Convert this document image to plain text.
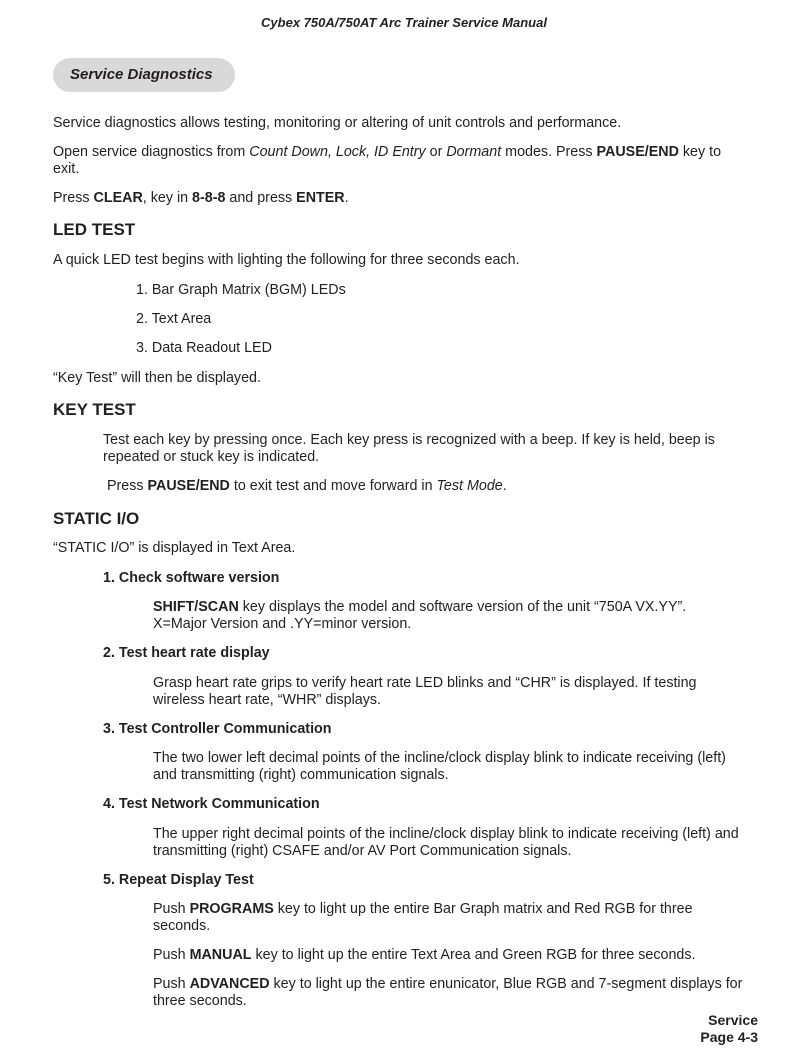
Cybex 750A/750AT Arc Trainer Service Manual
Service Diagnostics
Service diagnostics allows testing, monitoring or altering of unit controls and performance.
Open service diagnostics from Count Down, Lock, ID Entry or Dormant modes. Press PAUSE/END key to
exit.
Press CLEAR, key in 8-8-8 and press ENTER.
LED TEST
A quick LED test begins with lighting the following for three seconds each.
1. Bar Graph Matrix (BGM) LEDs
2. Text Area
3. Data Readout LED
“Key Test” will then be displayed.
KEY TEST
Test each key by pressing once. Each key press is recognized with a beep. If key is held, beep is
repeated or stuck key is indicated.
Press PAUSE/END to exit test and move forward in Test Mode.
STATIC I/O
“STATIC I/O” is displayed in Text Area.
1. Check software version
SHIFT/SCAN key displays the model and software version of the unit “750A VX.YY”.
X=Major Version and .YY=minor version.
2. Test heart rate display
Grasp heart rate grips to verify heart rate LED blinks and “CHR” is displayed. If testing
wireless heart rate, “WHR” displays.
3. Test Controller Communication
The two lower left decimal points of the incline/clock display blink to indicate receiving (left)
and transmitting (right) communication signals.
4. Test Network Communication
The upper right decimal points of the incline/clock display blink to indicate receiving (left) and
transmitting (right) CSAFE and/or AV Port Communication signals.
5. Repeat Display Test
Push PROGRAMS key to light up the entire Bar Graph matrix and Red RGB for three
seconds.
Push MANUAL key to light up the entire Text Area and Green RGB for three seconds.
Push ADVANCED key to light up the entire enunicator, Blue RGB and 7-segment displays for
three seconds.
Service
Page 4-3
